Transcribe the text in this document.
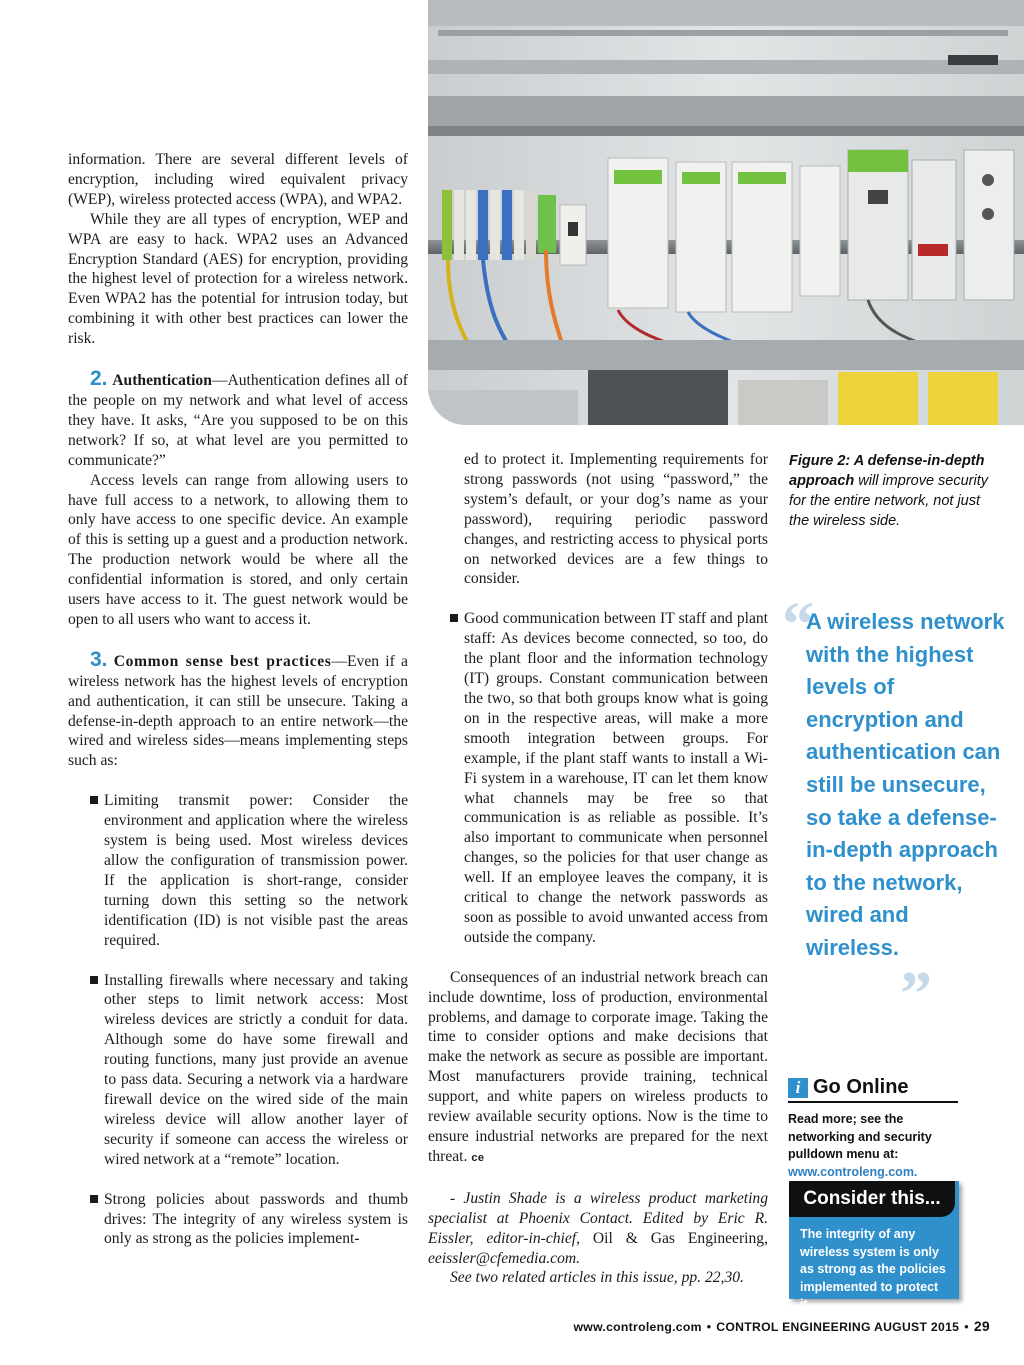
information. There are several different levels of encryption, including wired equivalent privacy (WEP), wireless protected access (WPA), and WPA2.

While they are all types of encryption, WEP and WPA are easy to hack. WPA2 uses an Advanced Encryption Standard (AES) for encryption, providing the highest level of protection for a wireless network. Even WPA2 has the potential for intrusion today, but combining it with other best practices can lower the risk.

2. Authentication—Authentication defines all of the people on my network and what level of access they have. It asks, “Are you supposed to be on this network? If so, at what level are you permitted to communicate?”

Access levels can range from allowing users to have full access to a network, to allowing them to only have access to one specific device. An example of this is setting up a guest and a production network. The production network would be where all the confidential information is stored, and only certain users have access to it. The guest network would be open to all users who want to access it.

3. Common sense best practices—Even if a wireless network has the highest levels of encryption and authentication, it can still be unsecure. Taking a defense-in-depth approach to an entire network—the wired and wireless sides—means implementing steps such as:

Limiting transmit power: Consider the environment and application where the wireless system is being used. Most wireless devices allow the configuration of transmission power. If the application is short-range, consider turning down this setting so the network identification (ID) is not visible past the areas required.

Installing firewalls where necessary and taking other steps to limit network access: Most wireless devices are strictly a conduit for data. Although some do have some firewall and routing functions, many just provide an avenue to pass data. Securing a network via a hardware firewall device on the wired side of the main wireless device will allow another layer of security if someone can access the wireless or wired network at a “remote” location.

Strong policies about passwords and thumb drives: The integrity of any wireless system is only as strong as the policies implement-

ed to protect it. Implementing requirements for strong passwords (not using “password,” the system’s default, or your dog’s name as your password), requiring periodic password changes, and restricting access to physical ports on networked devices are a few things to consider.

Good communication between IT staff and plant staff: As devices become connected, so too, do the plant floor and the information technology (IT) groups. Constant communication between the two, so that both groups know what is going on in the respective areas, will make a more smooth integration between groups. For example, if the plant staff wants to install a Wi-Fi system in a warehouse, IT can let them know what channels may be free so that communication is as reliable as possible. It’s also important to communicate when personnel changes, so the policies for that user change as well. If an employee leaves the company, it is critical to change the network passwords as soon as possible to avoid unwanted access from outside the company.

Consequences of an industrial network breach can include downtime, loss of production, environmental problems, and damage to corporate image. Taking the time to consider options and make decisions that make the network as secure as possible are important. Most manufacturers provide training, technical support, and white papers on wireless products to review available security options. Now is the time to ensure industrial networks are prepared for the next threat. ce

- Justin Shade is a wireless product marketing specialist at Phoenix Contact. Edited by Eric R. Eissler, editor-in-chief, Oil & Gas Engineering, eeissler@cfemedia.com.

See two related articles in this issue, pp. 22,30.

Figure 2: A defense-in-depth approach will improve security for the entire network, not just the wireless side.
“
A wireless network with the highest levels of encryption and authentication can still be unsecure, so take a defense-in-depth approach to the network, wired and wireless.
”
i Go Online
Read more; see the networking and security pulldown menu at: www.controleng.com.
Consider this...
The integrity of any wireless system is only as strong as the policies implemented to protect it.
www.controleng.com • CONTROL ENGINEERING AUGUST 2015 • 29
